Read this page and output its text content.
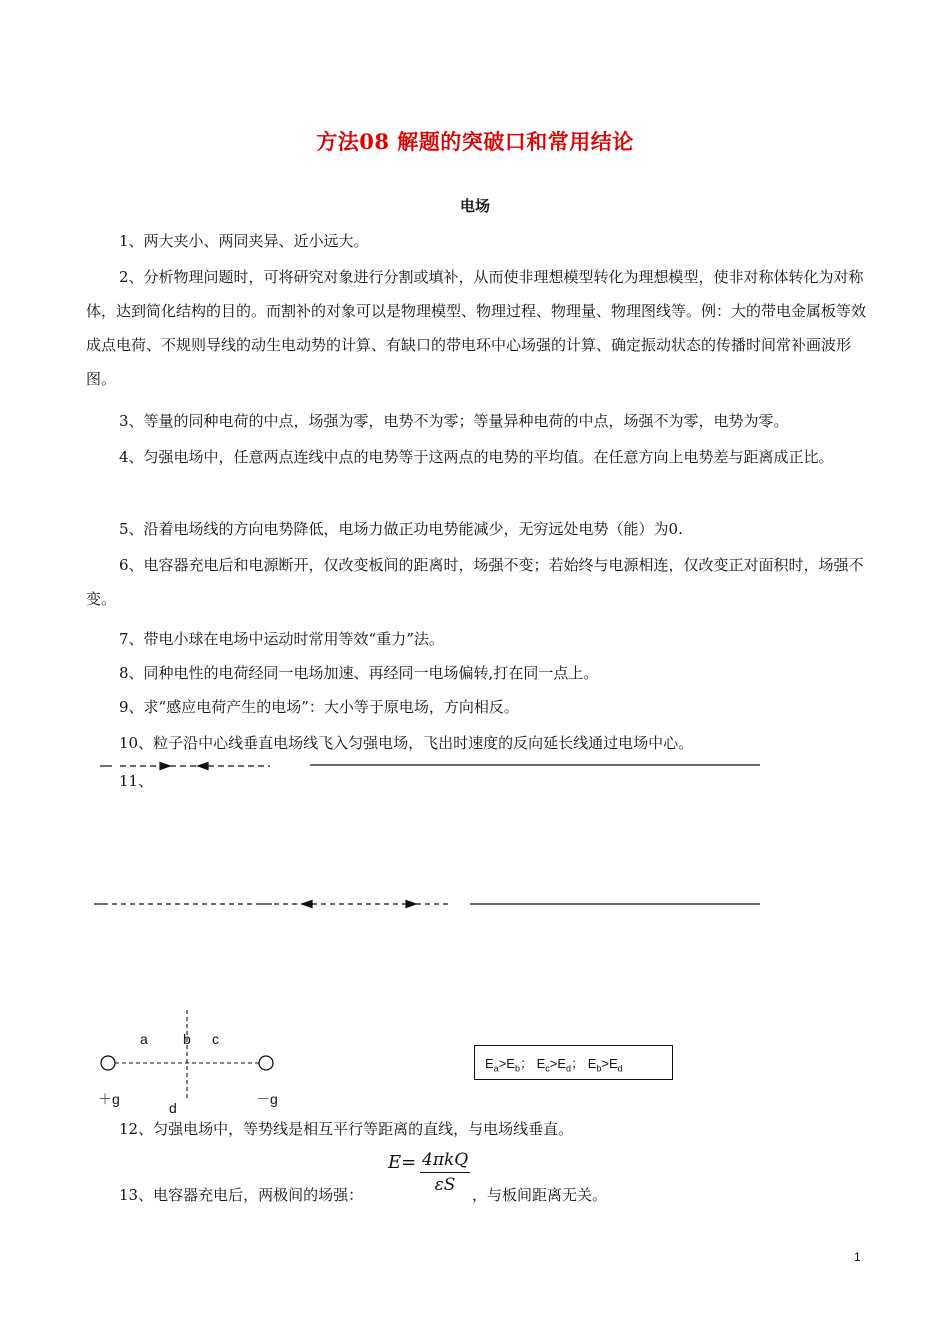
方法08 解题的突破口和常用结论
电场

1、两大夹小、两同夹异、近小远大。

2、分析物理问题时，可将研究对象进行分割或填补，从而使非理想模型转化为理想模型，使非对称体转化为对称体，达到简化结构的目的。而割补的对象可以是物理模型、物理过程、物理量、物理图线等。例：大的带电金属板等效成点电荷、不规则导线的动生电动势的计算、有缺口的带电环中心场强的计算、确定振动状态的传播时间常补画波形图。

3、等量的同种电荷的中点，场强为零，电势不为零；等量异种电荷的中点，场强不为零，电势为零。

4、匀强电场中，任意两点连线中点的电势等于这两点的电势的平均值。在任意方向上电势差与距离成正比。

5、沿着电场线的方向电势降低，电场力做正功电势能减少，无穷远处电势（能）为0.

6、电容器充电后和电源断开，仅改变板间的距离时，场强不变；若始终与电源相连，仅改变正对面积时，场强不变。

7、带电小球在电场中运动时常用等效“重力”法。

8、同种电性的电荷经同一电场加速、再经同一电场偏转,打在同一点上。

9、求“感应电荷产生的电场”：大小等于原电场，方向相反。

10、粒子沿中心线垂直电场线飞入匀强电场，飞出时速度的反向延长线通过电场中心。

11、
a	b c
＋g	－g
d
$E_a>E_b$； $E_c>E_d$； $E_b>E_d$

12、匀强电场中，等势线是相互平行等距离的直线，与电场线垂直。

13、电容器充电后，两极间的场强：
E= 4πkQ
εS	，与板间距离无关。
1
